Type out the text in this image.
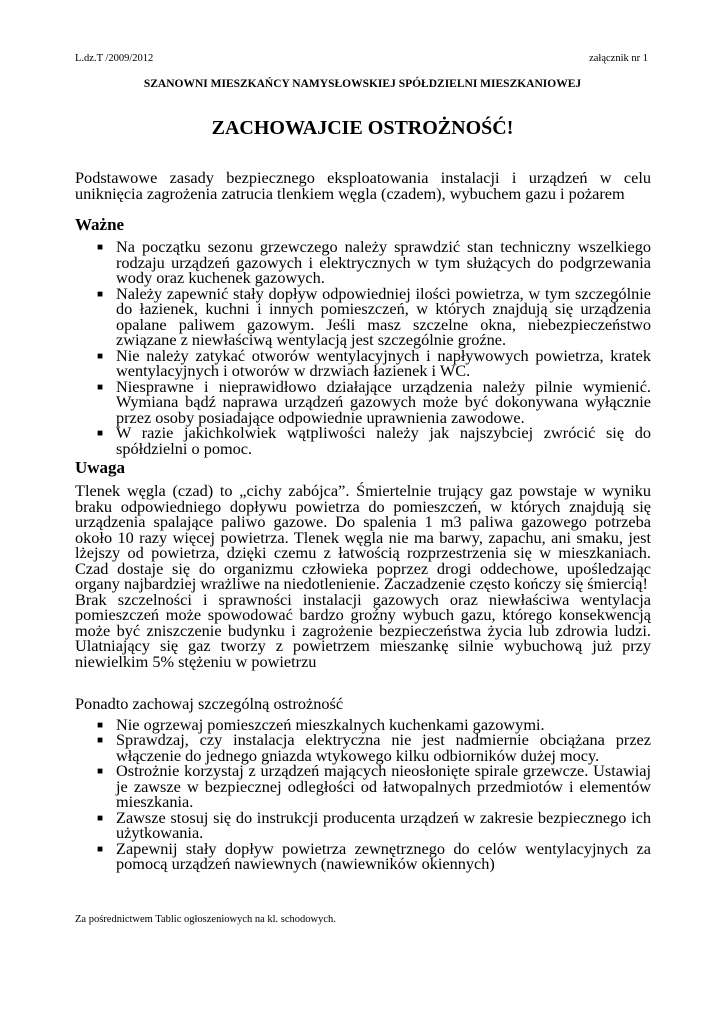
L.dz.T /2009/2012	załącznik nr 1
SZANOWNI MIESZKAŃCY NAMYSŁOWSKIEJ SPÓŁDZIELNI MIESZKANIOWEJ
ZACHOWAJCIE OSTROŻNOŚĆ!

Podstawowe zasady bezpiecznego eksploatowania instalacji i urządzeń w celu uniknięcia zagrożenia zatrucia tlenkiem węgla (czadem), wybuchem gazu i pożarem

Ważne
■ Na początku sezonu grzewczego należy sprawdzić stan techniczny wszelkiego rodzaju urządzeń gazowych i elektrycznych w tym służących do podgrzewania wody oraz kuchenek gazowych.
■ Należy zapewnić stały dopływ odpowiedniej ilości powietrza, w tym szczególnie do łazienek, kuchni i innych pomieszczeń, w których znajdują się urządzenia opalane paliwem gazowym. Jeśli masz szczelne okna, niebezpieczeństwo związane z niewłaściwą wentylacją jest szczególnie groźne.
■ Nie należy zatykać otworów wentylacyjnych i napływowych powietrza, kratek wentylacyjnych i otworów w drzwiach łazienek i WC.
■ Niesprawne i nieprawidłowo działające urządzenia należy pilnie wymienić. Wymiana bądź naprawa urządzeń gazowych może być dokonywana wyłącznie przez osoby posiadające odpowiednie uprawnienia zawodowe.
■ W razie jakichkolwiek wątpliwości należy jak najszybciej zwrócić się do spółdzielni o pomoc.
Uwaga

Tlenek węgla (czad) to „cichy zabójca”. Śmiertelnie trujący gaz powstaje w wyniku braku odpowiedniego dopływu powietrza do pomieszczeń, w których znajdują się urządzenia spalające paliwo gazowe. Do spalenia 1 m3 paliwa gazowego potrzeba około 10 razy więcej powietrza. Tlenek węgla nie ma barwy, zapachu, ani smaku, jest lżejszy od powietrza, dzięki czemu z łatwością rozprzestrzenia się w mieszkaniach. Czad dostaje się do organizmu człowieka poprzez drogi oddechowe, upośledzając organy najbardziej wrażliwe na niedotlenienie. Zaczadzenie często kończy się śmiercią!

Brak szczelności i sprawności instalacji gazowych oraz niewłaściwa wentylacja pomieszczeń może spowodować bardzo groźny wybuch gazu, którego konsekwencją może być zniszczenie budynku i zagrożenie bezpieczeństwa życia lub zdrowia ludzi. Ulatniający się gaz tworzy z powietrzem mieszankę silnie wybuchową już przy niewielkim 5% stężeniu w powietrzu

Ponadto zachowaj szczególną ostrożność

■ Nie ogrzewaj pomieszczeń mieszkalnych kuchenkami gazowymi.
■ Sprawdzaj, czy instalacja elektryczna nie jest nadmiernie obciążana przez włączenie do jednego gniazda wtykowego kilku odbiorników dużej mocy.
■ Ostrożnie korzystaj z urządzeń mających nieosłonięte spirale grzewcze. Ustawiaj je zawsze w bezpiecznej odległości od łatwopalnych przedmiotów i elementów mieszkania.
■ Zawsze stosuj się do instrukcji producenta urządzeń w zakresie bezpiecznego ich użytkowania.
■ Zapewnij stały dopływ powietrza zewnętrznego do celów wentylacyjnych za pomocą urządzeń nawiewnych (nawiewników okiennych)
Za pośrednictwem Tablic ogłoszeniowych na kl. schodowych.
